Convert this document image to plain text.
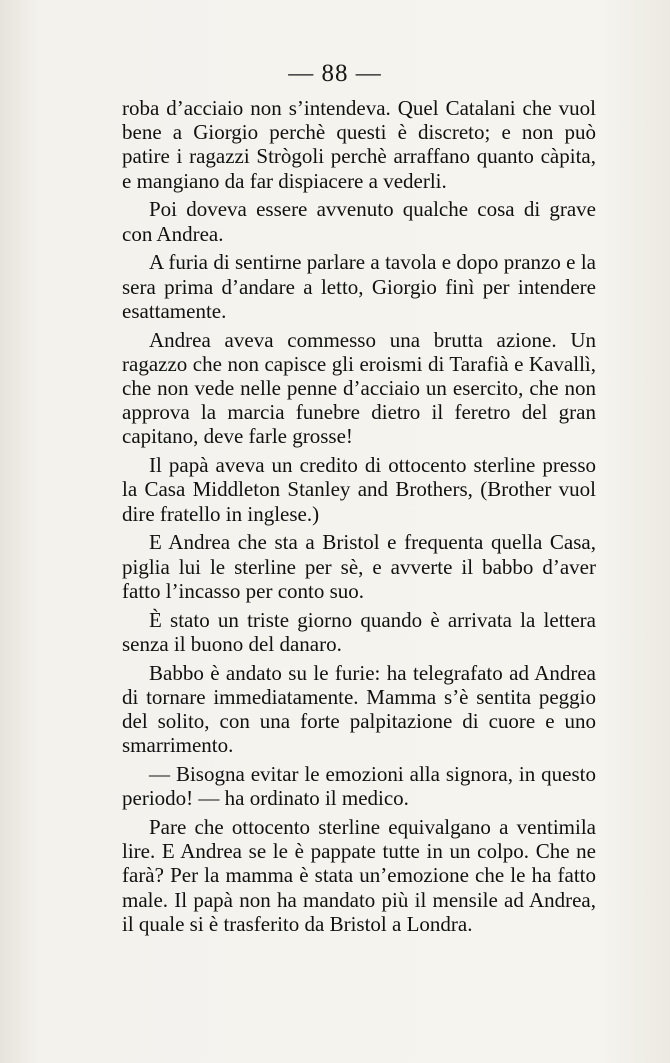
— 88 —

roba d’acciaio non s’intendeva. Quel Catalani che vuol bene a Giorgio perchè questi è discreto; e non può patire i ragazzi Strògoli perchè arraffano quanto càpita, e mangiano da far dispiacere a vederli.

Poi doveva essere avvenuto qualche cosa di grave con Andrea.

A furia di sentirne parlare a tavola e dopo pranzo e la sera prima d’andare a letto, Giorgio finì per intendere esattamente.

Andrea aveva commesso una brutta azione. Un ragazzo che non capisce gli eroismi di Tarafià e Kavallì, che non vede nelle penne d’acciaio un esercito, che non approva la marcia funebre dietro il feretro del gran capitano, deve farle grosse!

Il papà aveva un credito di ottocento sterline presso la Casa Middleton Stanley and Brothers, (Brother vuol dire fratello in inglese.)

E Andrea che sta a Bristol e frequenta quella Casa, piglia lui le sterline per sè, e avverte il babbo d’aver fatto l’incasso per conto suo.

È stato un triste giorno quando è arrivata la lettera senza il buono del danaro.

Babbo è andato su le furie: ha telegrafato ad Andrea di tornare immediatamente. Mamma s’è sentita peggio del solito, con una forte palpitazione di cuore e uno smarrimento.

— Bisogna evitar le emozioni alla signora, in questo periodo! — ha ordinato il medico.

Pare che ottocento sterline equivalgano a ventimila lire. E Andrea se le è pappate tutte in un colpo. Che ne farà? Per la mamma è stata un’emozione che le ha fatto male. Il papà non ha mandato più il mensile ad Andrea, il quale si è trasferito da Bristol a Londra.
